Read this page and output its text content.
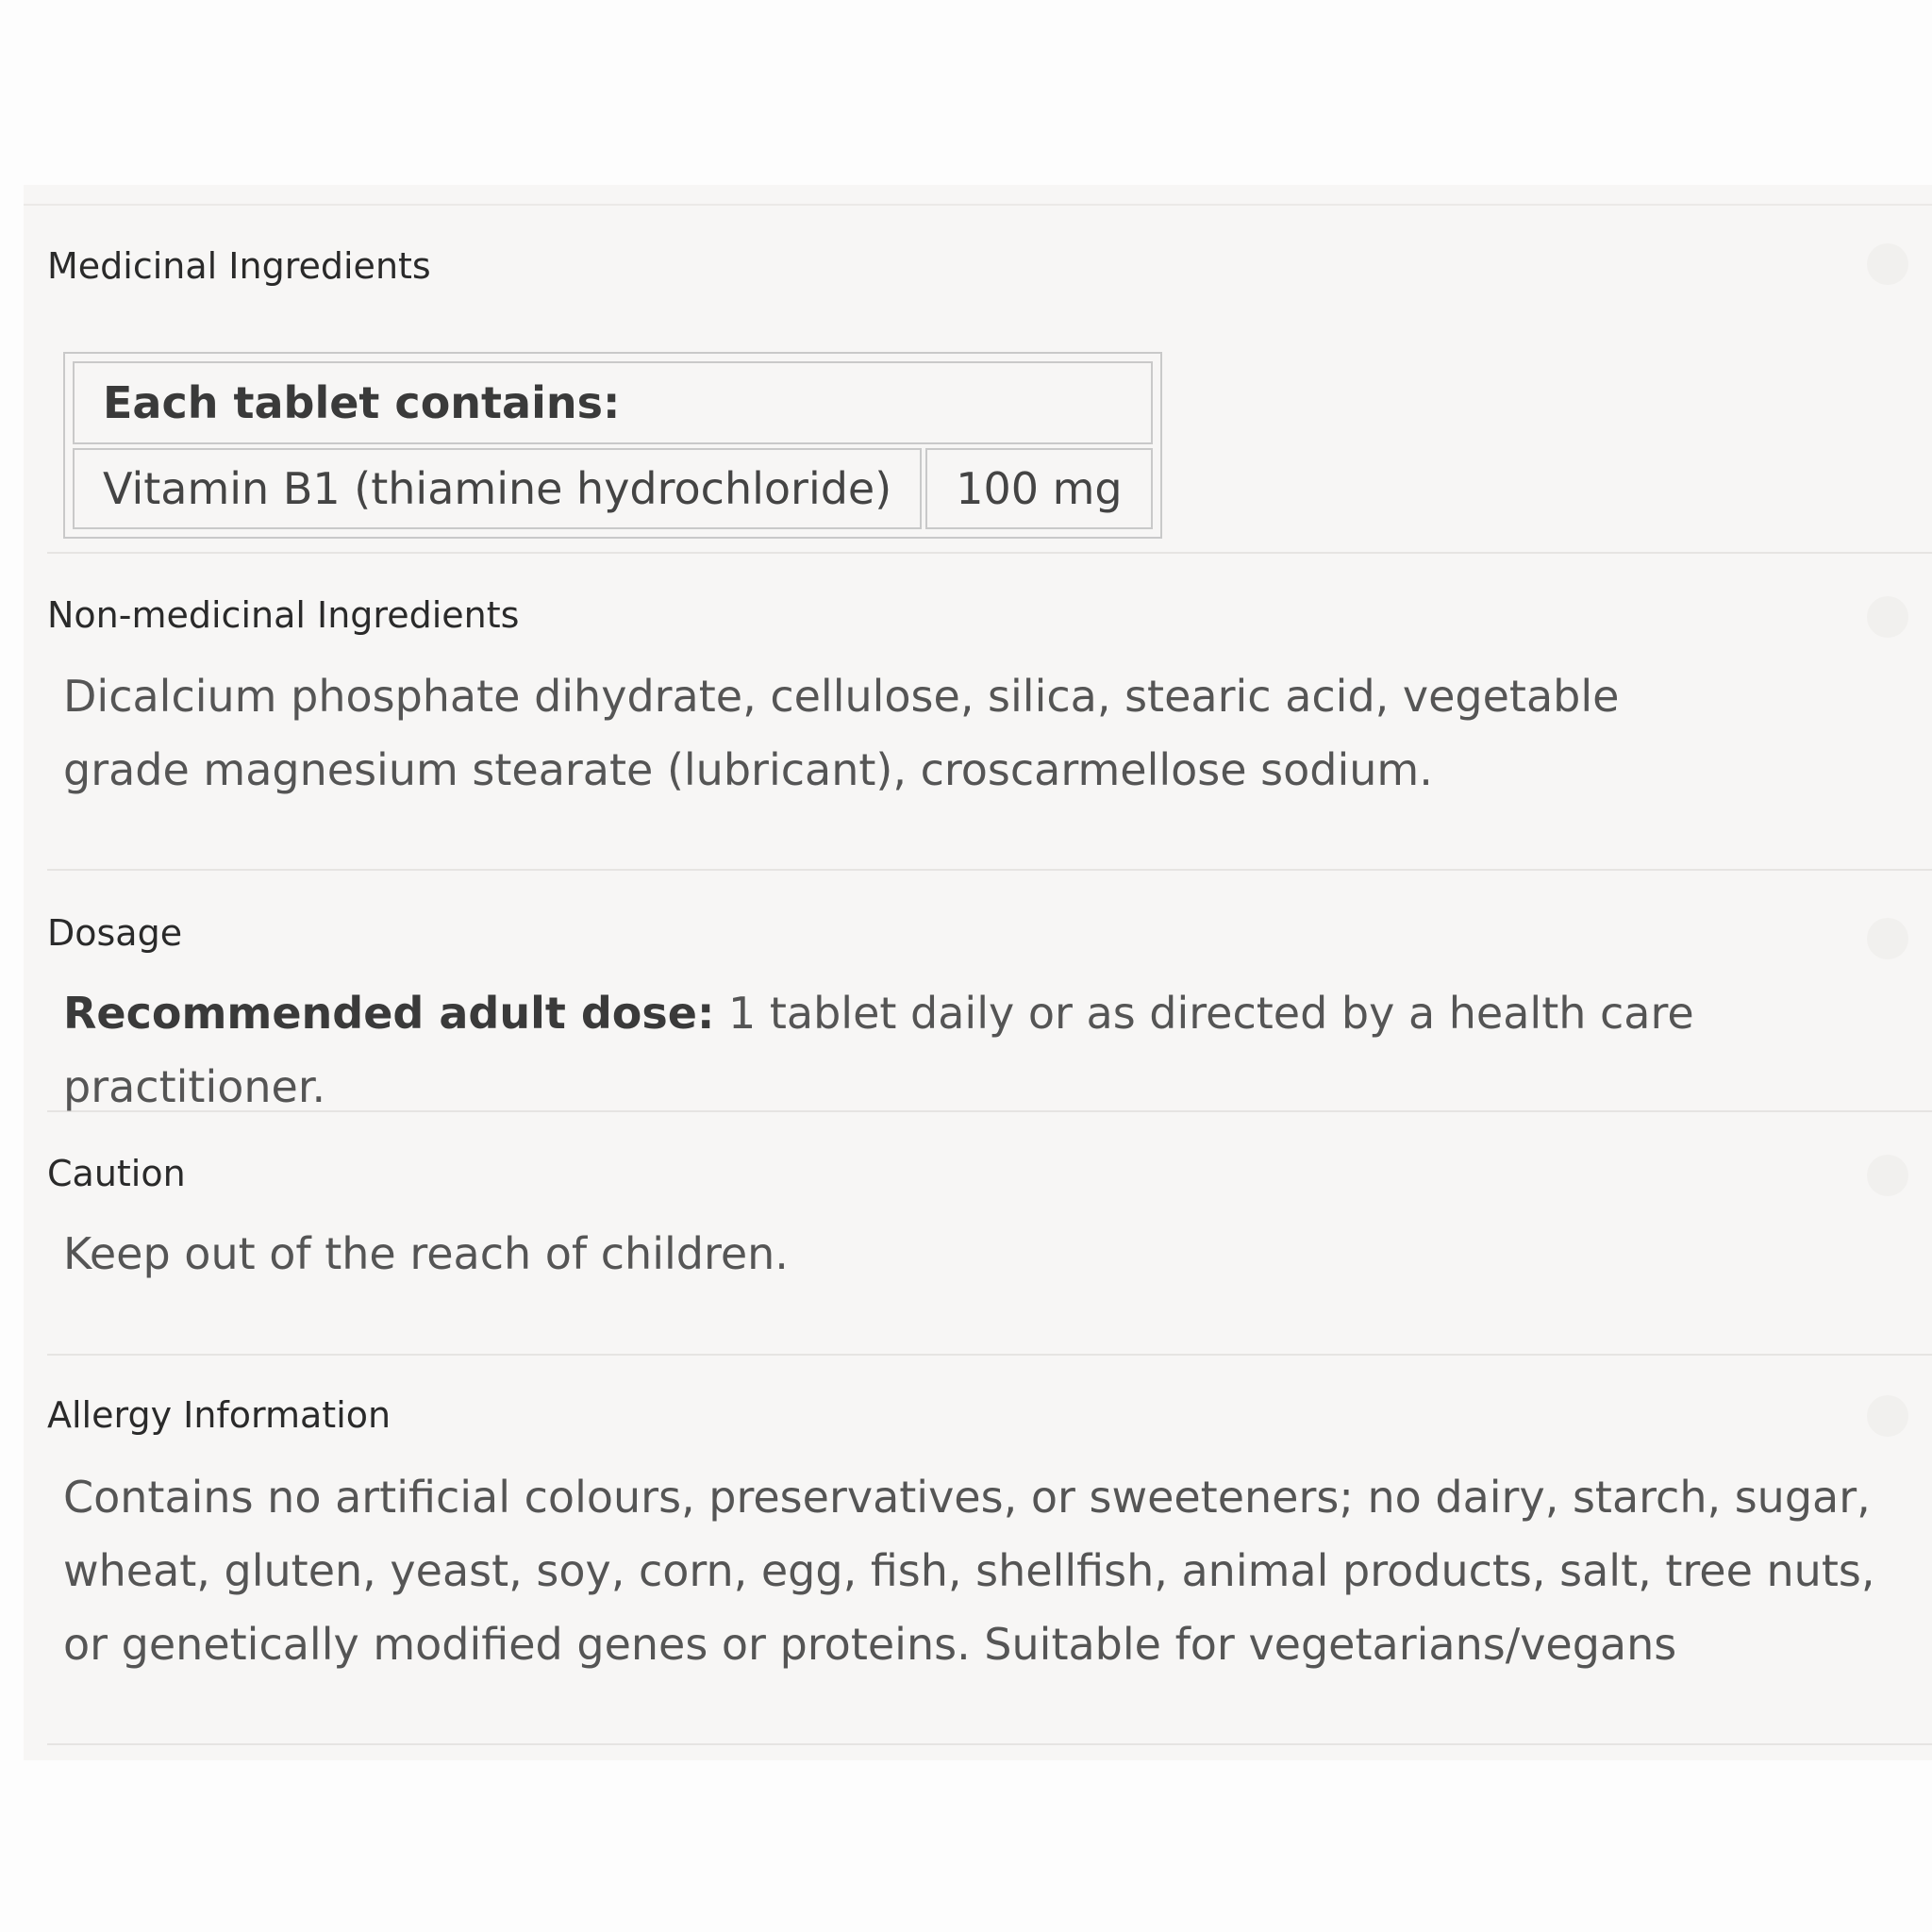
Medicinal Ingredients
Each tablet contains:
Vitamin B1 (thiamine hydrochloride)	100 mg
Non-medicinal Ingredients
Dicalcium phosphate dihydrate, cellulose, silica, stearic acid, vegetable grade magnesium stearate (lubricant), croscarmellose sodium.
Dosage
Recommended adult dose: 1 tablet daily or as directed by a health care practitioner.
Caution
Keep out of the reach of children.
Allergy Information
Contains no artificial colours, preservatives, or sweeteners; no dairy, starch, sugar, wheat, gluten, yeast, soy, corn, egg, fish, shellfish, animal products, salt, tree nuts, or genetically modified genes or proteins. Suitable for vegetarians/vegans
